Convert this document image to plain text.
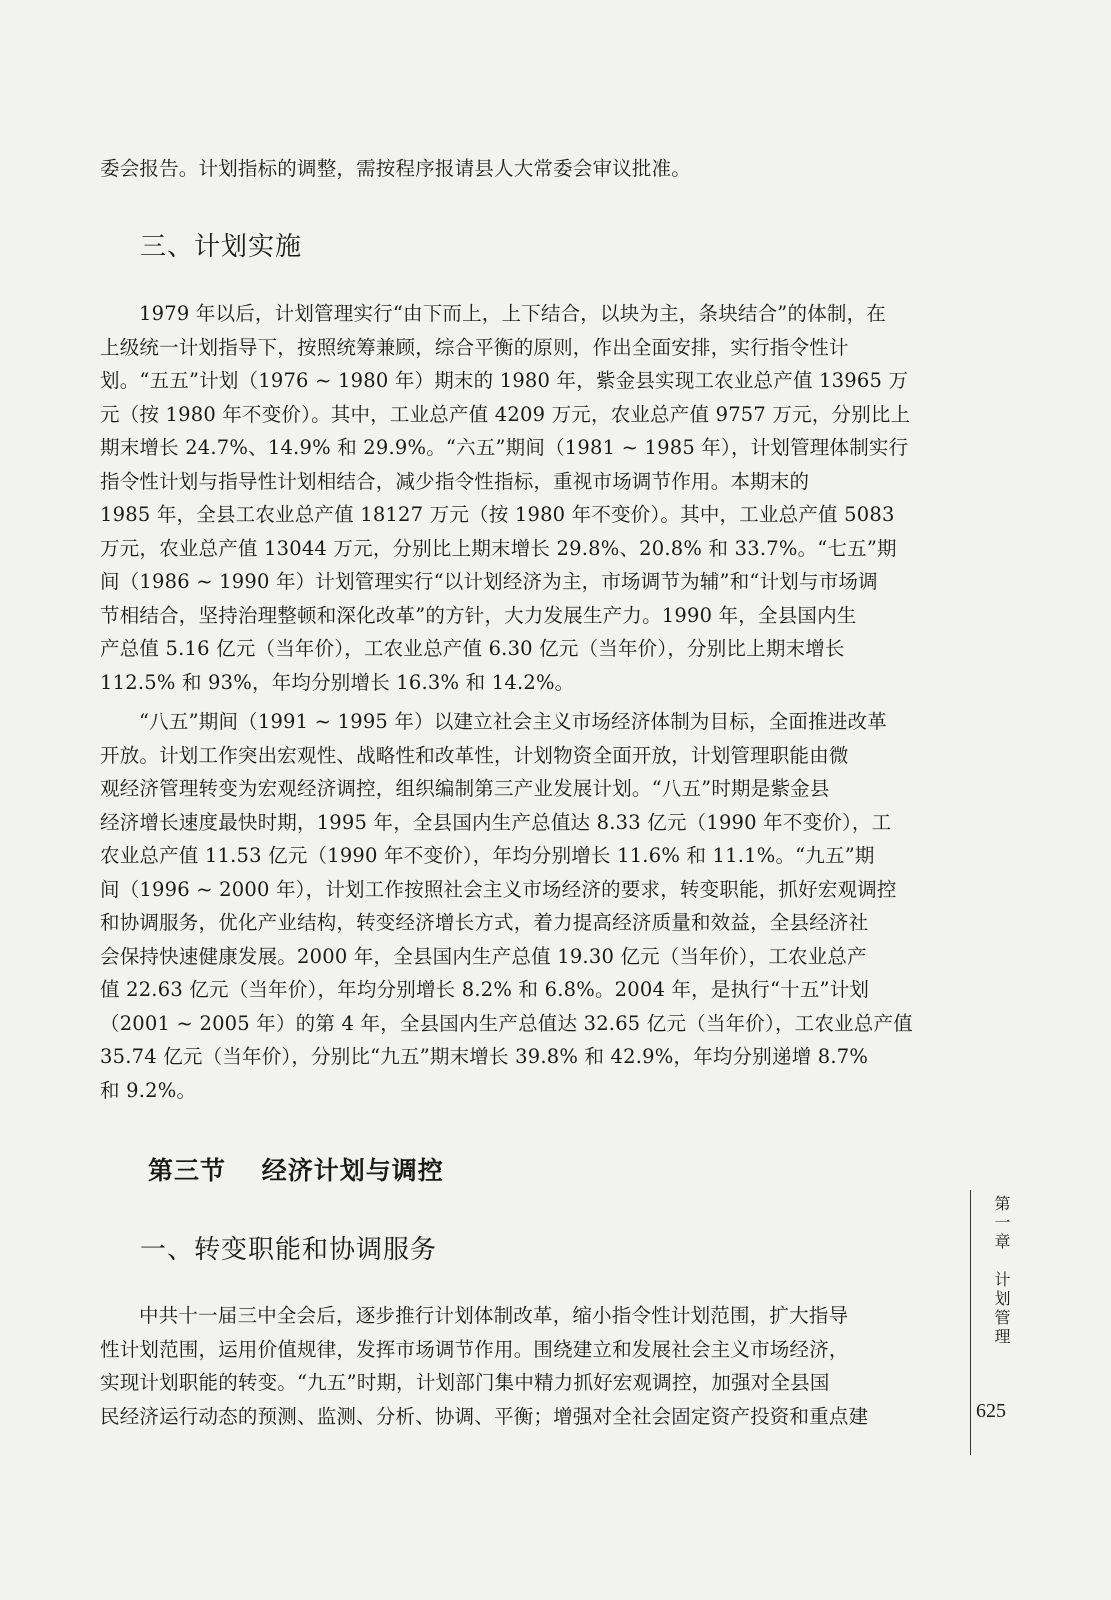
委会报告。计划指标的调整，需按程序报请县人大常委会审议批准。

三、计划实施
1979 年以后，计划管理实行“由下而上，上下结合，以块为主，条块结合”的体制，在
上级统一计划指导下，按照统筹兼顾，综合平衡的原则，作出全面安排，实行指令性计
划。“五五”计划（1976 ~ 1980 年）期末的 1980 年，紫金县实现工农业总产值 13965 万
元（按 1980 年不变价）。其中，工业总产值 4209 万元，农业总产值 9757 万元，分别比上
期末增长 24.7%、14.9% 和 29.9%。“六五”期间（1981 ~ 1985 年），计划管理体制实行
指令性计划与指导性计划相结合，减少指令性指标，重视市场调节作用。本期末的
1985 年，全县工农业总产值 18127 万元（按 1980 年不变价）。其中，工业总产值 5083
万元，农业总产值 13044 万元，分别比上期末增长 29.8%、20.8% 和 33.7%。“七五”期
间（1986 ~ 1990 年）计划管理实行“以计划经济为主，市场调节为辅”和“计划与市场调
节相结合，坚持治理整顿和深化改革”的方针，大力发展生产力。1990 年，全县国内生
产总值 5.16 亿元（当年价），工农业总产值 6.30 亿元（当年价），分别比上期末增长
112.5% 和 93%，年均分别增长 16.3% 和 14.2%。
“八五”期间（1991 ~ 1995 年）以建立社会主义市场经济体制为目标，全面推进改革
开放。计划工作突出宏观性、战略性和改革性，计划物资全面开放，计划管理职能由微
观经济管理转变为宏观经济调控，组织编制第三产业发展计划。“八五”时期是紫金县
经济增长速度最快时期，1995 年，全县国内生产总值达 8.33 亿元（1990 年不变价），工
农业总产值 11.53 亿元（1990 年不变价），年均分别增长 11.6% 和 11.1%。“九五”期
间（1996 ~ 2000 年），计划工作按照社会主义市场经济的要求，转变职能，抓好宏观调控
和协调服务，优化产业结构，转变经济增长方式，着力提高经济质量和效益，全县经济社
会保持快速健康发展。2000 年，全县国内生产总值 19.30 亿元（当年价），工农业总产
值 22.63 亿元（当年价），年均分别增长 8.2% 和 6.8%。2004 年，是执行“十五”计划
（2001 ~ 2005 年）的第 4 年，全县国内生产总值达 32.65 亿元（当年价），工农业总产值
35.74 亿元（当年价），分别比“九五”期末增长 39.8% 和 42.9%，年均分别递增 8.7%
和 9.2%。
第三节　 经济计划与调控
一、转变职能和协调服务
中共十一届三中全会后，逐步推行计划体制改革，缩小指令性计划范围，扩大指导
性计划范围，运用价值规律，发挥市场调节作用。围绕建立和发展社会主义市场经济，
实现计划职能的转变。“九五”时期，计划部门集中精力抓好宏观调控，加强对全县国
民经济运行动态的预测、监测、分析、协调、平衡；增强对全社会固定资产投资和重点建
第一章　计划管理
625
